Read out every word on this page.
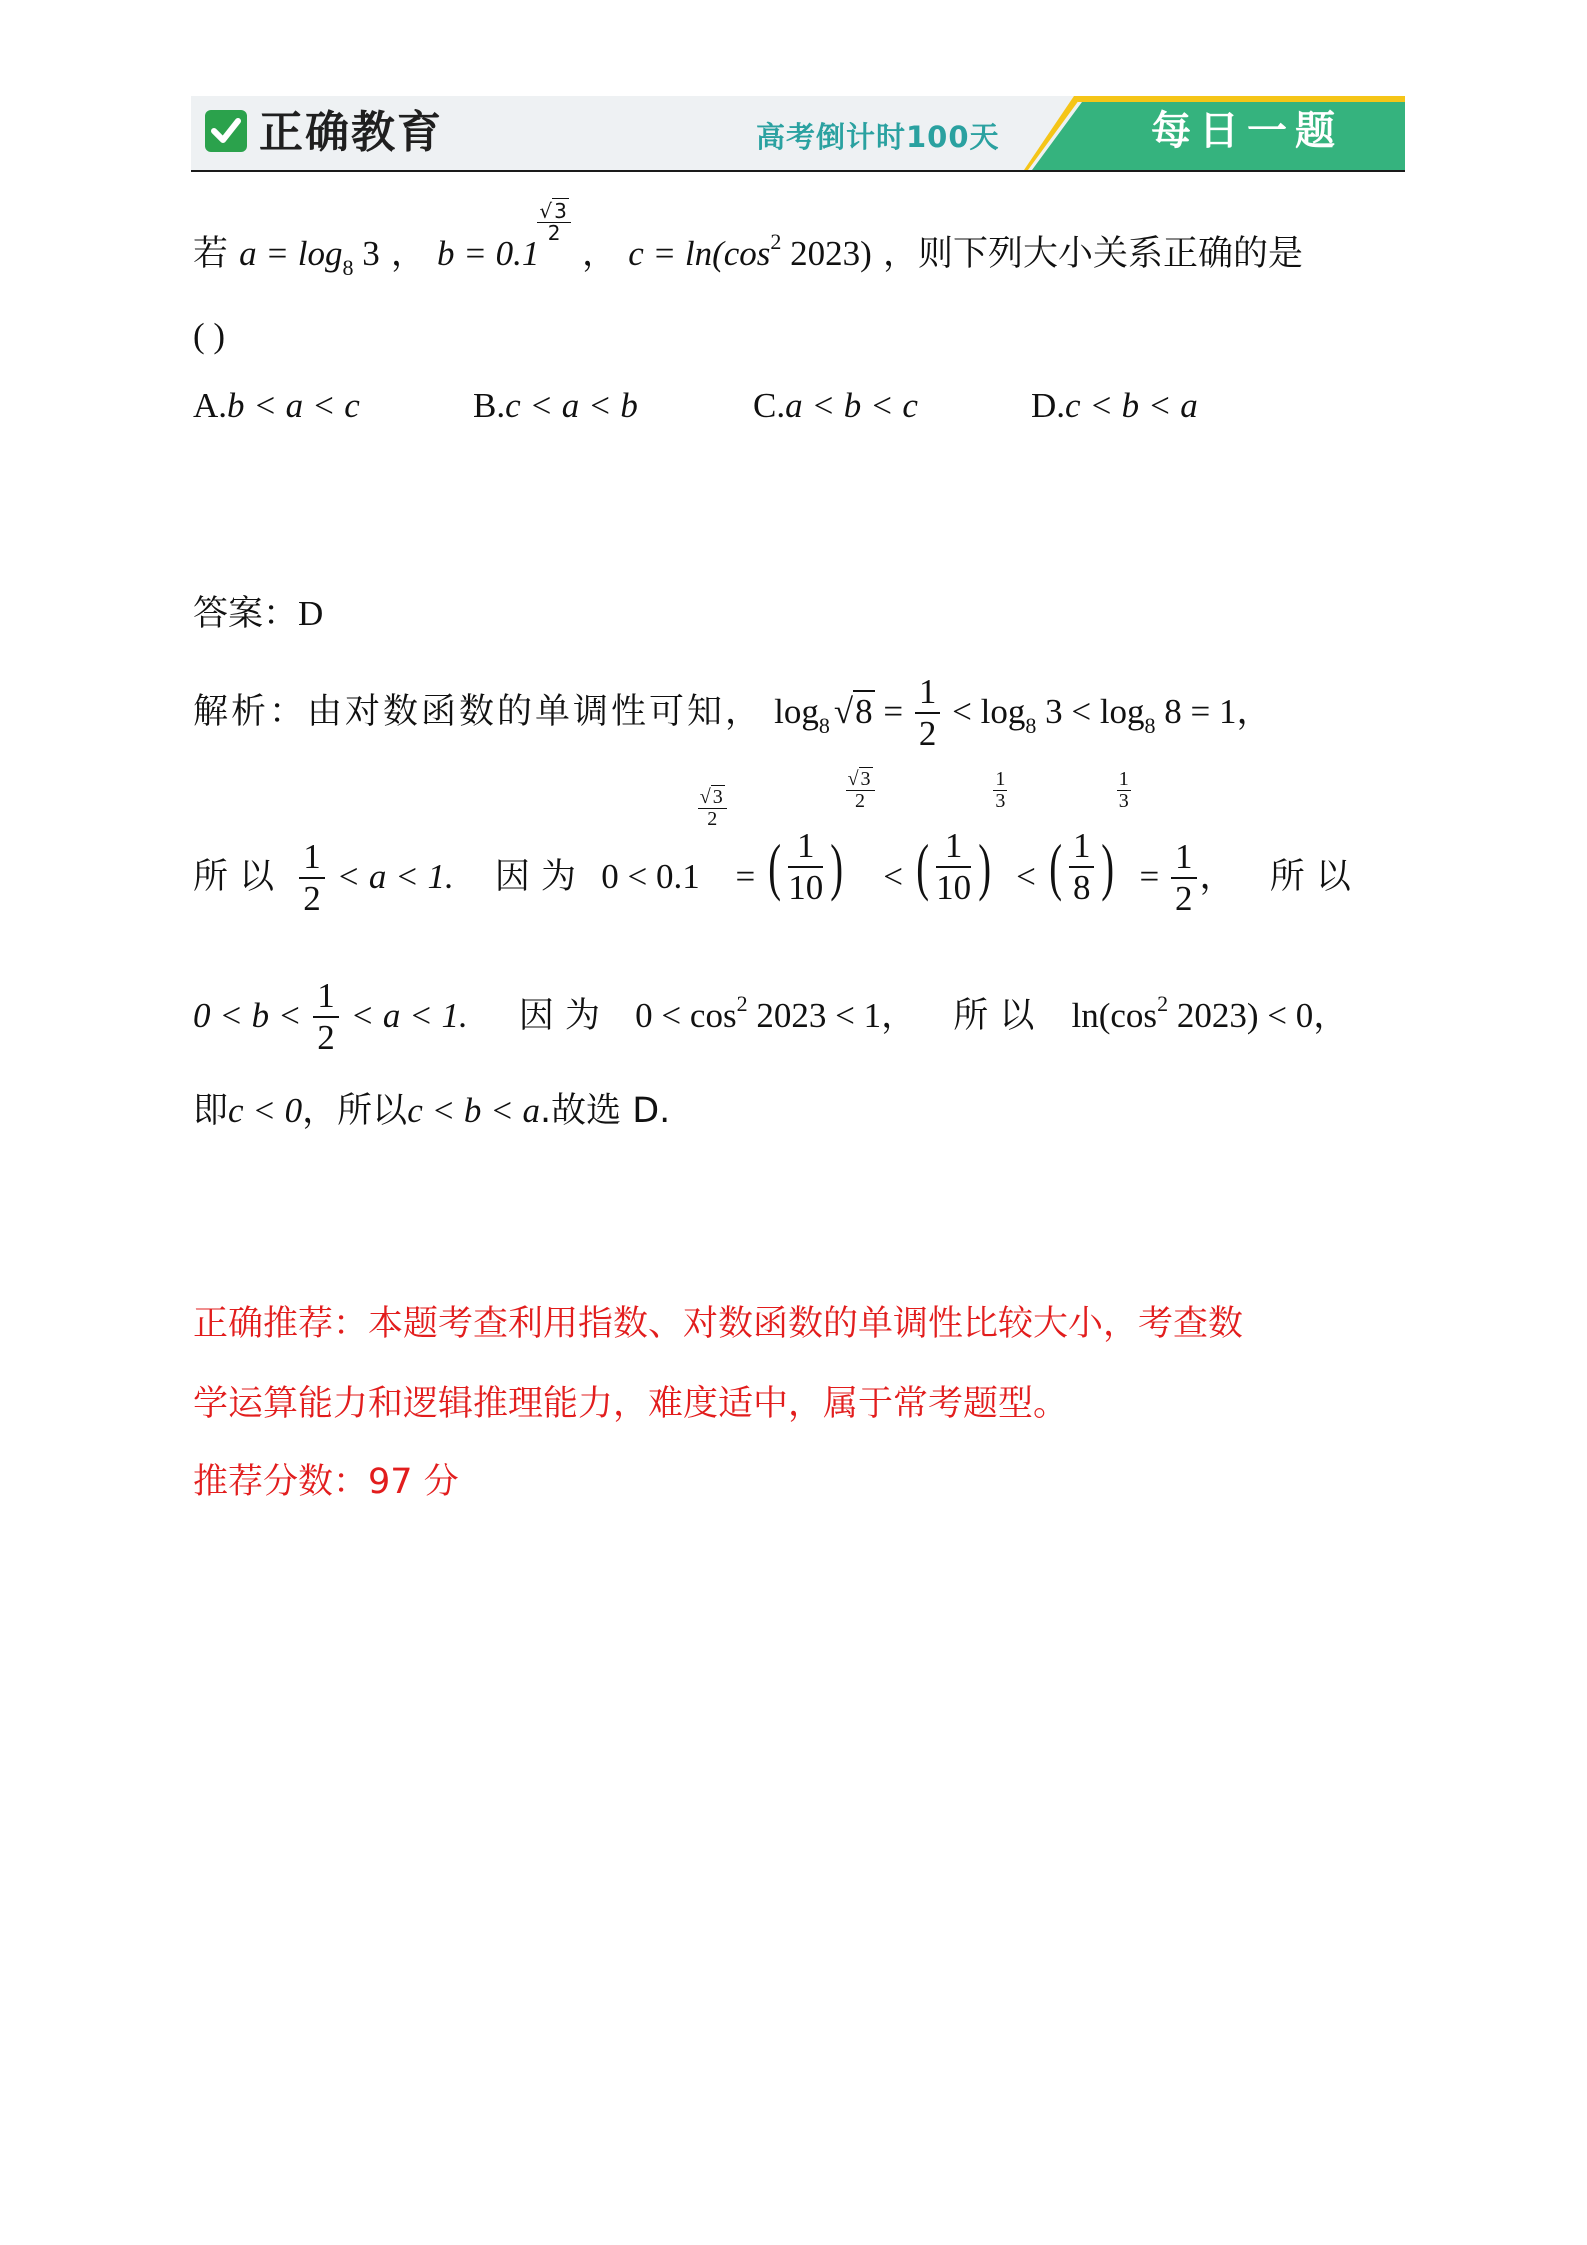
正确教育	高考倒计时100天	每日一题
若 $a = \log_8 3$ ， b = 0.1
$\frac{√ 3}{2}$
， $c = \ln(\cos^2$ 2023) ，则下列大小关系正确的是
( )
A.b < a < c	B.c < a < b	C.a < b < c	D.c < b < a
答案：D
解析：由对数函数的单调性可知， $\log_8 √8 = \frac{1}{2} < \log_8 3 < \log_8 8 = 1$，
所 以 $\frac{1}{2} < a < 1$. 因 为 0 < 0.1
$\frac{√ 3}{2}$
= ( $\frac{1}{10}$ )
$\frac{√ 3}{2}$
< ( $\frac{1}{10}$ )
$\frac{1}{3}$
< ( $\frac{1}{8}$ )
$\frac{1}{3}$
= $\frac{1}{2}$ ， 所 以
$0 < b < \frac{1}{2} < a < 1$. 因 为 $0 < \cos^2 2023 < 1$， 所 以 $\ln(\cos^2$ 2023) < 0，
即c < 0，所以c < b < a.故选 D.
正确推荐：本题考查利用指数、对数函数的单调性比较大小，考查数
学运算能力和逻辑推理能力，难度适中，属于常考题型。
推荐分数：97 分
